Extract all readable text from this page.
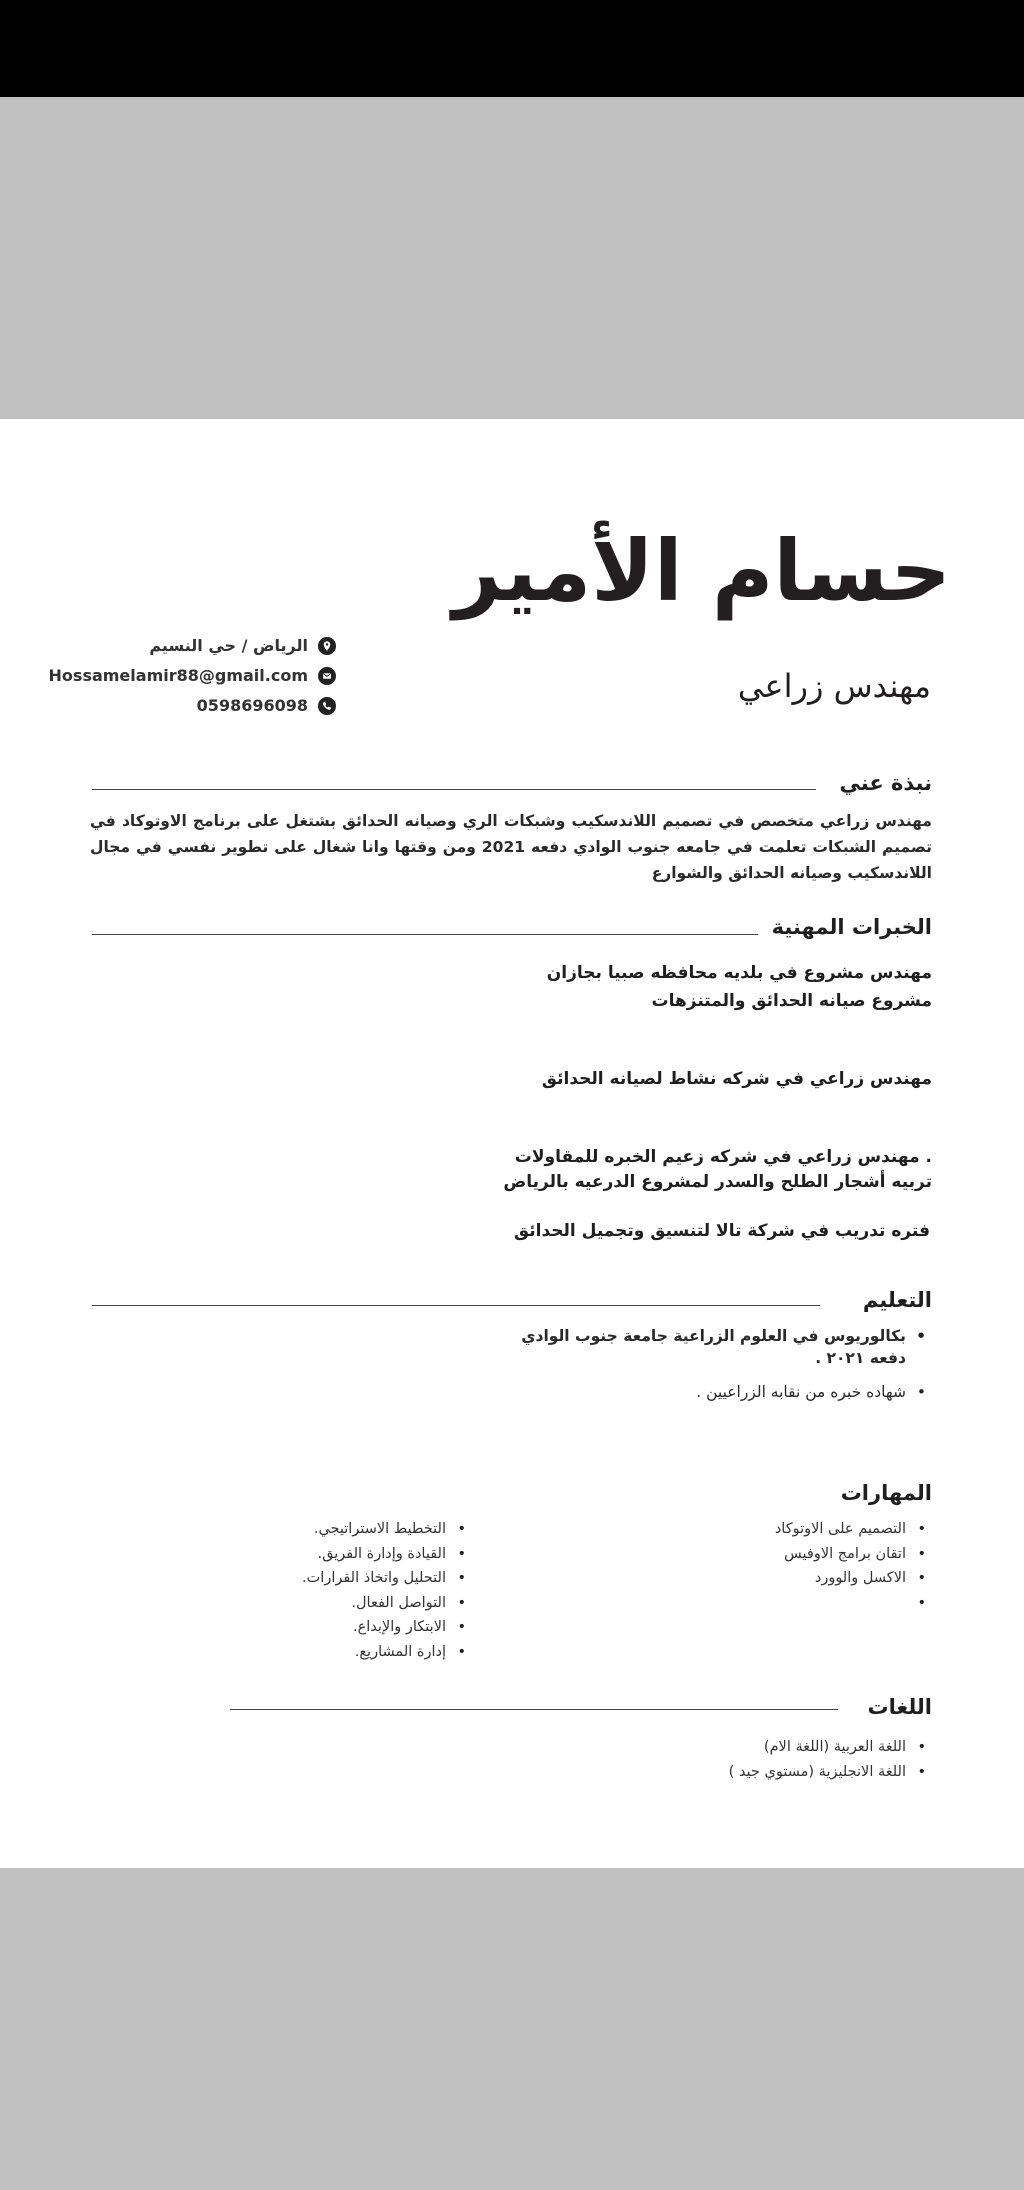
حسام الأمير
مهندس زراعي
الرياض / حي النسيم
Hossamelamir88@gmail.com
0598696098
نبذة عني
مهندس زراعي متخصص في تصميم اللاندسكيب وشبكات الري وصيانه الحدائق بشتغل على برنامج الاوتوكاد في تصميم الشبكات تعلمت في جامعه جنوب الوادي دفعه 2021 ومن وقتها وانا شغال على تطوير نفسي في مجال اللاندسكيب وصيانه الحدائق والشوارع
الخبرات المهنية
مهندس مشروع في بلديه محافظه صبيا بجازان
مشروع صيانه الحدائق والمتنزهات
مهندس زراعي في شركه نشاط لصيانه الحدائق
. مهندس زراعي في شركه زعيم الخبره للمقاولات
تربيه أشجار الطلح والسدر لمشروع الدرعيه بالرياض
فتره تدريب في شركة تالا لتنسيق وتجميل الحدائق
التعليم
• بكالوريوس في العلوم الزراعية جامعة جنوب الوادي
دفعه ٢٠٢١ .
• شهاده خبره من نقابه الزراعيين .
المهارات
• التصميم على الاوتوكاد
• اتقان برامج الاوفيس
• الاكسل والوورد
• التخطيط الاستراتيجي.
• القيادة وإدارة الفريق.
• التحليل واتخاذ القرارات.
• التواصل الفعال.
• الابتكار والإبداع.
• إدارة المشاريع.
اللغات
• اللغة العربية (اللغة الام)
• اللغة الانجليزية (مستوي جيد )
